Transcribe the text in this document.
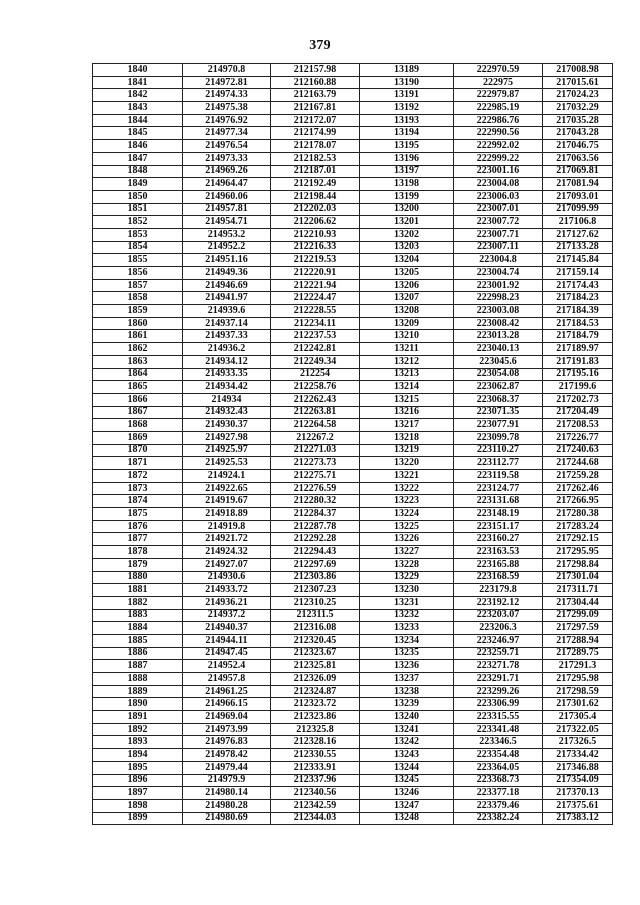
379
1840	214970.8	212157.98	13189	222970.59	217008.98
1841	214972.81	212160.88	13190	222975	217015.61
1842	214974.33	212163.79	13191	222979.87	217024.23
1843	214975.38	212167.81	13192	222985.19	217032.29
1844	214976.92	212172.07	13193	222986.76	217035.28
1845	214977.34	212174.99	13194	222990.56	217043.28
1846	214976.54	212178.07	13195	222992.02	217046.75
1847	214973.33	212182.53	13196	222999.22	217063.56
1848	214969.26	212187.01	13197	223001.16	217069.81
1849	214964.47	212192.49	13198	223004.08	217081.94
1850	214960.06	212198.44	13199	223006.03	217093.01
1851	214957.81	212202.03	13200	223007.01	217099.99
1852	214954.71	212206.62	13201	223007.72	217106.8
1853	214953.2	212210.93	13202	223007.71	217127.62
1854	214952.2	212216.33	13203	223007.11	217133.28
1855	214951.16	212219.53	13204	223004.8	217145.84
1856	214949.36	212220.91	13205	223004.74	217159.14
1857	214946.69	212221.94	13206	223001.92	217174.43
1858	214941.97	212224.47	13207	222998.23	217184.23
1859	214939.6	212228.55	13208	223003.08	217184.39
1860	214937.14	212234.11	13209	223008.42	217184.53
1861	214937.33	212237.53	13210	223013.28	217184.79
1862	214936.2	212242.81	13211	223040.13	217189.97
1863	214934.12	212249.34	13212	223045.6	217191.83
1864	214933.35	212254	13213	223054.08	217195.16
1865	214934.42	212258.76	13214	223062.87	217199.6
1866	214934	212262.43	13215	223068.37	217202.73
1867	214932.43	212263.81	13216	223071.35	217204.49
1868	214930.37	212264.58	13217	223077.91	217208.53
1869	214927.98	212267.2	13218	223099.78	217226.77
1870	214925.97	212271.03	13219	223110.27	217240.63
1871	214925.53	212273.73	13220	223112.77	217244.68
1872	214924.1	212275.71	13221	223119.58	217259.28
1873	214922.65	212276.59	13222	223124.77	217262.46
1874	214919.67	212280.32	13223	223131.68	217266.95
1875	214918.89	212284.37	13224	223148.19	217280.38
1876	214919.8	212287.78	13225	223151.17	217283.24
1877	214921.72	212292.28	13226	223160.27	217292.15
1878	214924.32	212294.43	13227	223163.53	217295.95
1879	214927.07	212297.69	13228	223165.88	217298.84
1880	214930.6	212303.86	13229	223168.59	217301.04
1881	214933.72	212307.23	13230	223179.8	217311.71
1882	214936.21	212310.25	13231	223192.12	217304.44
1883	214937.2	212311.5	13232	223203.07	217299.09
1884	214940.37	212316.08	13233	223206.3	217297.59
1885	214944.11	212320.45	13234	223246.97	217288.94
1886	214947.45	212323.67	13235	223259.71	217289.75
1887	214952.4	212325.81	13236	223271.78	217291.3
1888	214957.8	212326.09	13237	223291.71	217295.98
1889	214961.25	212324.87	13238	223299.26	217298.59
1890	214966.15	212323.72	13239	223306.99	217301.62
1891	214969.04	212323.86	13240	223315.55	217305.4
1892	214973.99	212325.8	13241	223341.48	217322.05
1893	214976.83	212328.16	13242	223346.5	217326.5
1894	214978.42	212330.55	13243	223354.48	217334.42
1895	214979.44	212333.91	13244	223364.05	217346.88
1896	214979.9	212337.96	13245	223368.73	217354.09
1897	214980.14	212340.56	13246	223377.18	217370.13
1898	214980.28	212342.59	13247	223379.46	217375.61
1899	214980.69	212344.03	13248	223382.24	217383.12
